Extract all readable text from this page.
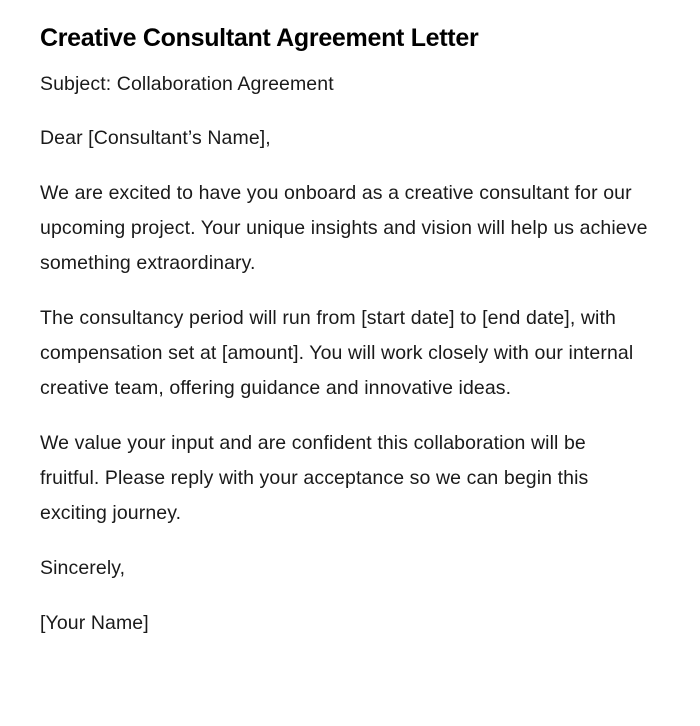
Creative Consultant Agreement Letter

Subject: Collaboration Agreement

Dear [Consultant’s Name],

We are excited to have you onboard as a creative consultant for our upcoming project. Your unique insights and vision will help us achieve something extraordinary.

The consultancy period will run from [start date] to [end date], with compensation set at [amount]. You will work closely with our internal creative team, offering guidance and innovative ideas.

We value your input and are confident this collaboration will be fruitful. Please reply with your acceptance so we can begin this exciting journey.

Sincerely,

[Your Name]
